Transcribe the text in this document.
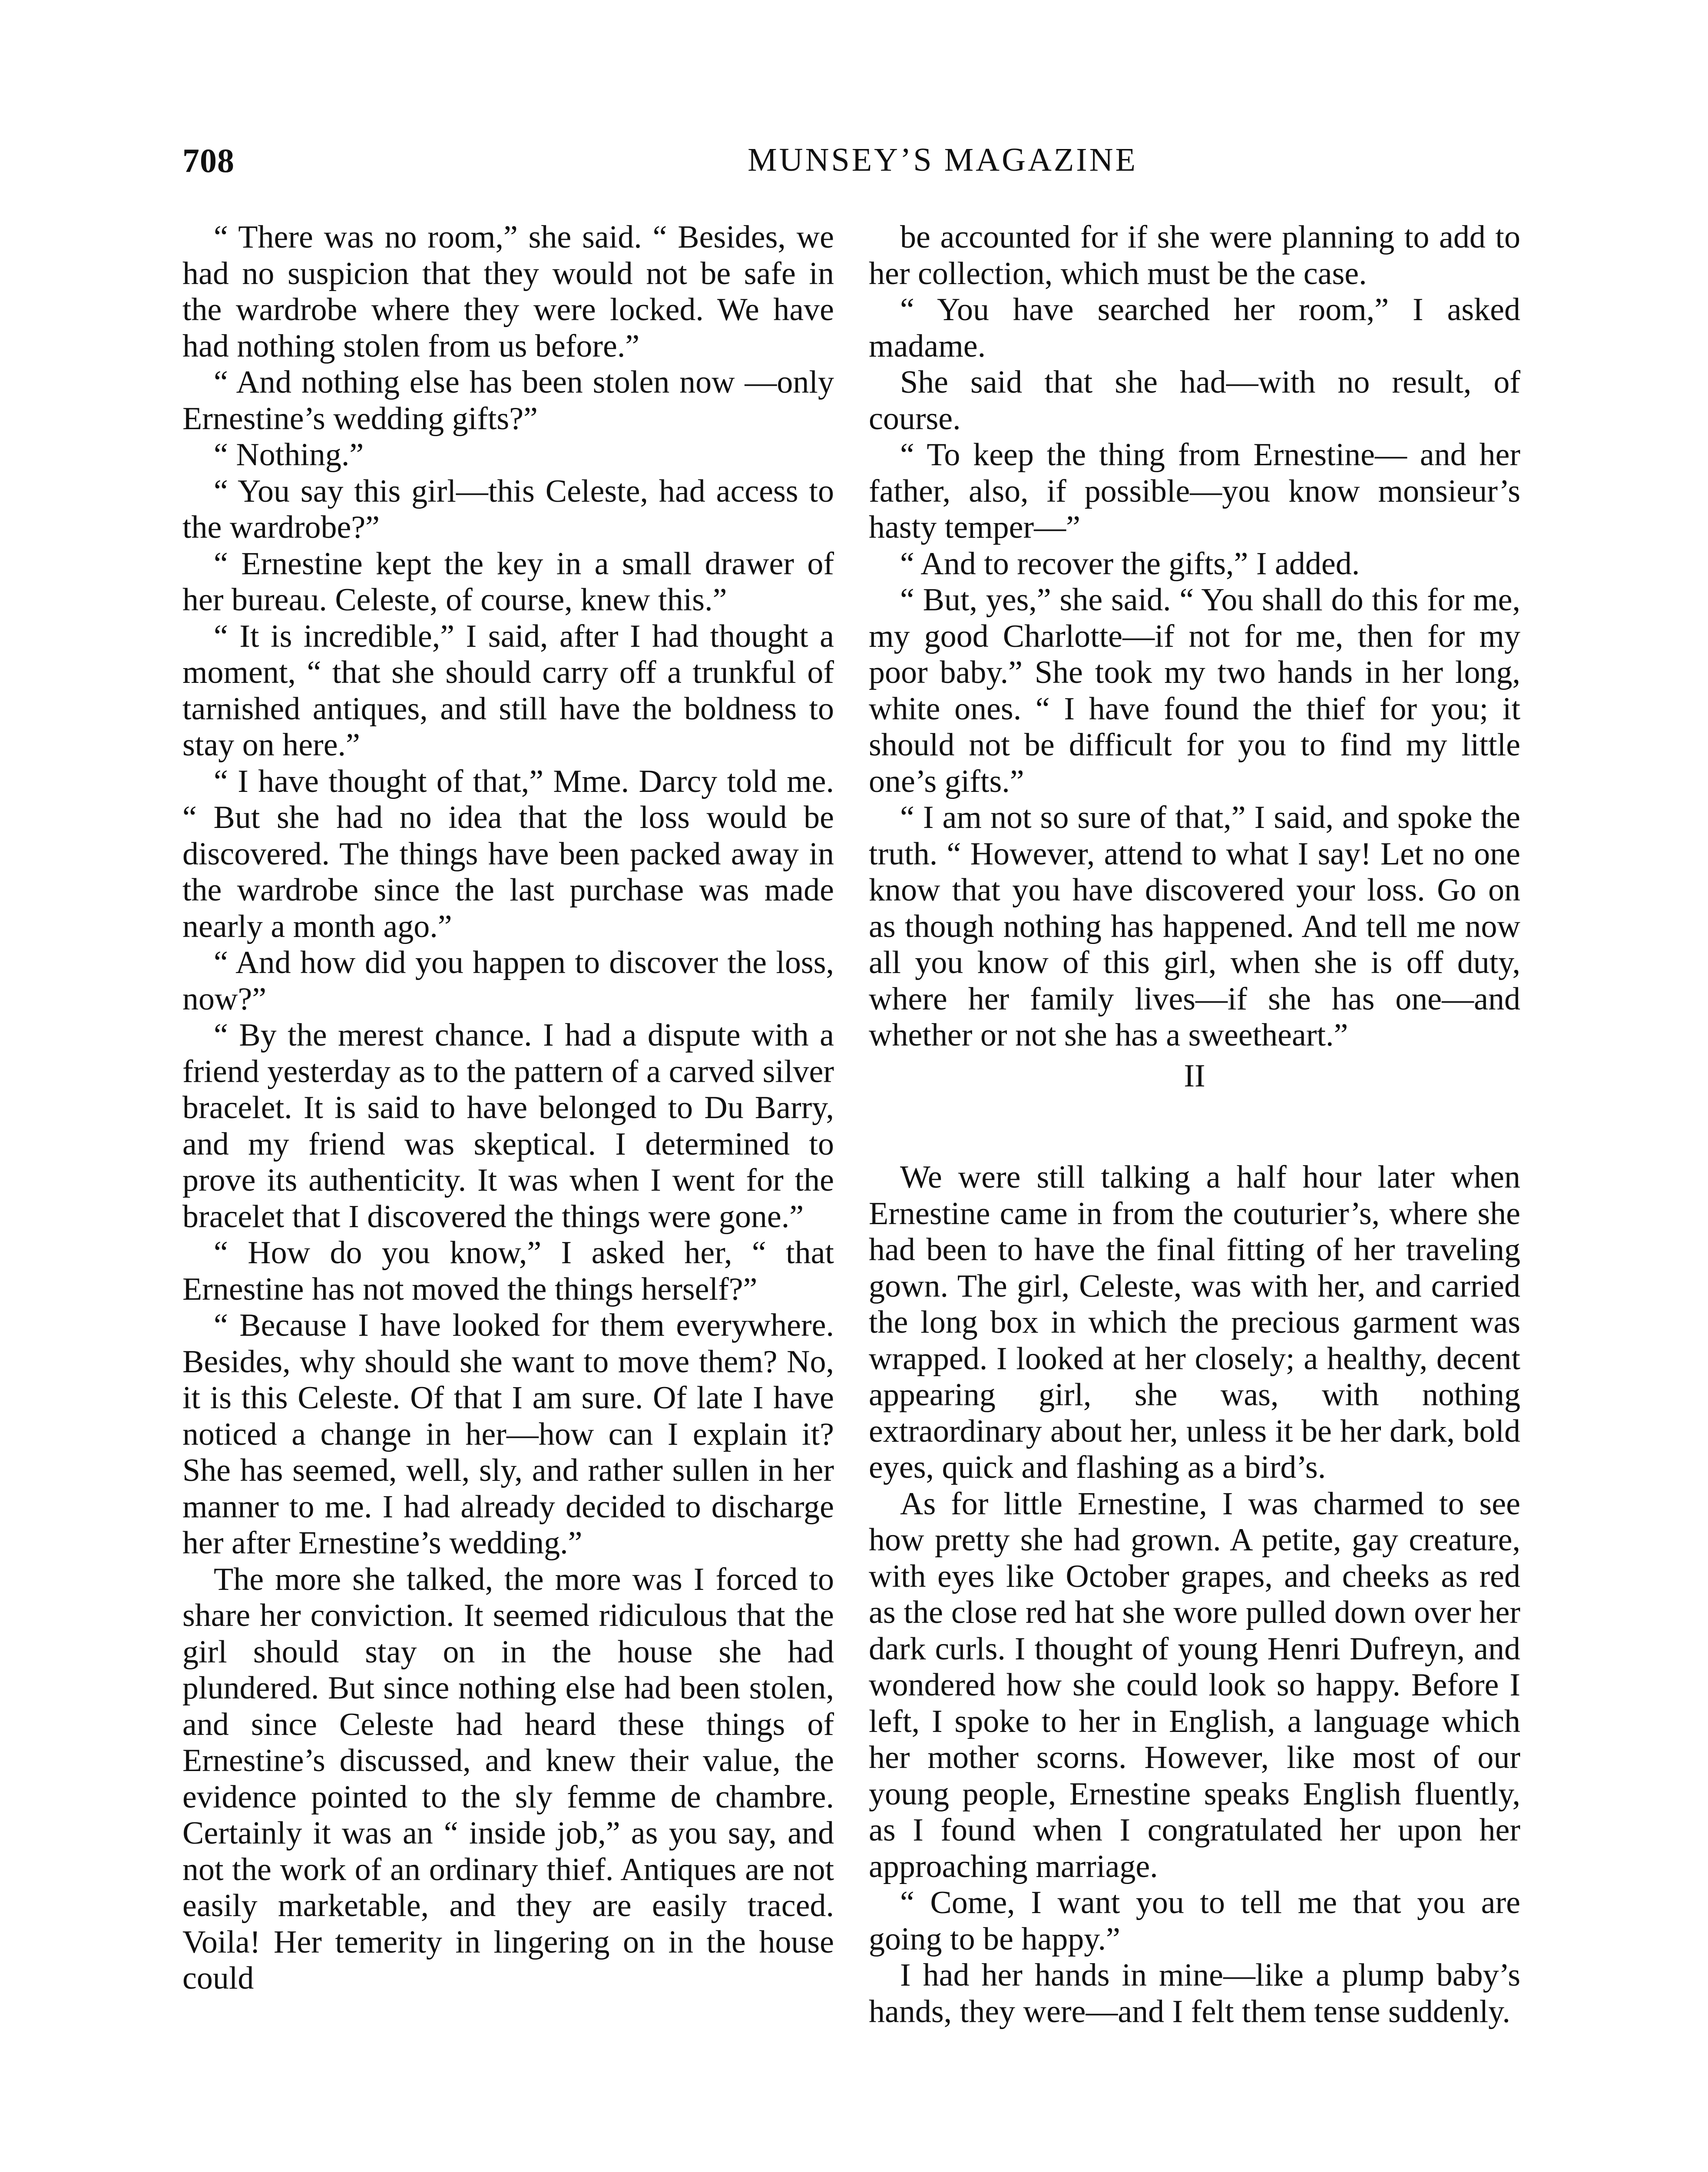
708	MUNSEY’S MAGAZINE

“ There was no room,” she said. “ Besides, we had no suspicion that they would not be safe in the wardrobe where they were locked. We have had nothing stolen from us before.”

“ And nothing else has been stolen now —only Ernestine’s wedding gifts?”

“ Nothing.”

“ You say this girl—this Celeste, had access to the wardrobe?”

“ Ernestine kept the key in a small drawer of her bureau. Celeste, of course, knew this.”

“ It is incredible,” I said, after I had thought a moment, “ that she should carry off a trunkful of tarnished antiques, and still have the boldness to stay on here.”

“ I have thought of that,” Mme. Darcy told me. “ But she had no idea that the loss would be discovered. The things have been packed away in the wardrobe since the last purchase was made nearly a month ago.”

“ And how did you happen to discover the loss, now?”

“ By the merest chance. I had a dispute with a friend yesterday as to the pattern of a carved silver bracelet. It is said to have belonged to Du Barry, and my friend was skeptical. I determined to prove its authenticity. It was when I went for the bracelet that I discovered the things were gone.”

“ How do you know,” I asked her, “ that Ernestine has not moved the things herself?”

“ Because I have looked for them everywhere. Besides, why should she want to move them? No, it is this Celeste. Of that I am sure. Of late I have noticed a change in her—how can I explain it? She has seemed, well, sly, and rather sullen in her manner to me. I had already decided to discharge her after Ernestine’s wedding.”

The more she talked, the more was I forced to share her conviction. It seemed ridiculous that the girl should stay on in the house she had plundered. But since nothing else had been stolen, and since Celeste had heard these things of Ernestine’s discussed, and knew their value, the evidence pointed to the sly femme de chambre. Certainly it was an “ inside job,” as you say, and not the work of an ordinary thief. Antiques are not easily marketable, and they are easily traced. Voila! Her temerity in lingering on in the house could

be accounted for if she were planning to add to her collection, which must be the case.

“ You have searched her room,” I asked madame.

She said that she had—with no result, of course.

“ To keep the thing from Ernestine— and her father, also, if possible—you know monsieur’s hasty temper—”

“ And to recover the gifts,” I added.

“ But, yes,” she said. “ You shall do this for me, my good Charlotte—if not for me, then for my poor baby.” She took my two hands in her long, white ones. “ I have found the thief for you; it should not be difficult for you to find my little one’s gifts.”

“ I am not so sure of that,” I said, and spoke the truth. “ However, attend to what I say! Let no one know that you have discovered your loss. Go on as though nothing has happened. And tell me now all you know of this girl, when she is off duty, where her family lives—if she has one—and whether or not she has a sweetheart.”

II

We were still talking a half hour later when Ernestine came in from the couturier’s, where she had been to have the final fitting of her traveling gown. The girl, Celeste, was with her, and carried the long box in which the precious garment was wrapped. I looked at her closely; a healthy, decent appearing girl, she was, with nothing extraordinary about her, unless it be her dark, bold eyes, quick and flashing as a bird’s.

As for little Ernestine, I was charmed to see how pretty she had grown. A petite, gay creature, with eyes like October grapes, and cheeks as red as the close red hat she wore pulled down over her dark curls. I thought of young Henri Dufreyn, and wondered how she could look so happy. Before I left, I spoke to her in English, a language which her mother scorns. However, like most of our young people, Ernestine speaks English fluently, as I found when I congratulated her upon her approaching marriage.

“ Come, I want you to tell me that you are going to be happy.”

I had her hands in mine—like a plump baby’s hands, they were—and I felt them tense suddenly.
